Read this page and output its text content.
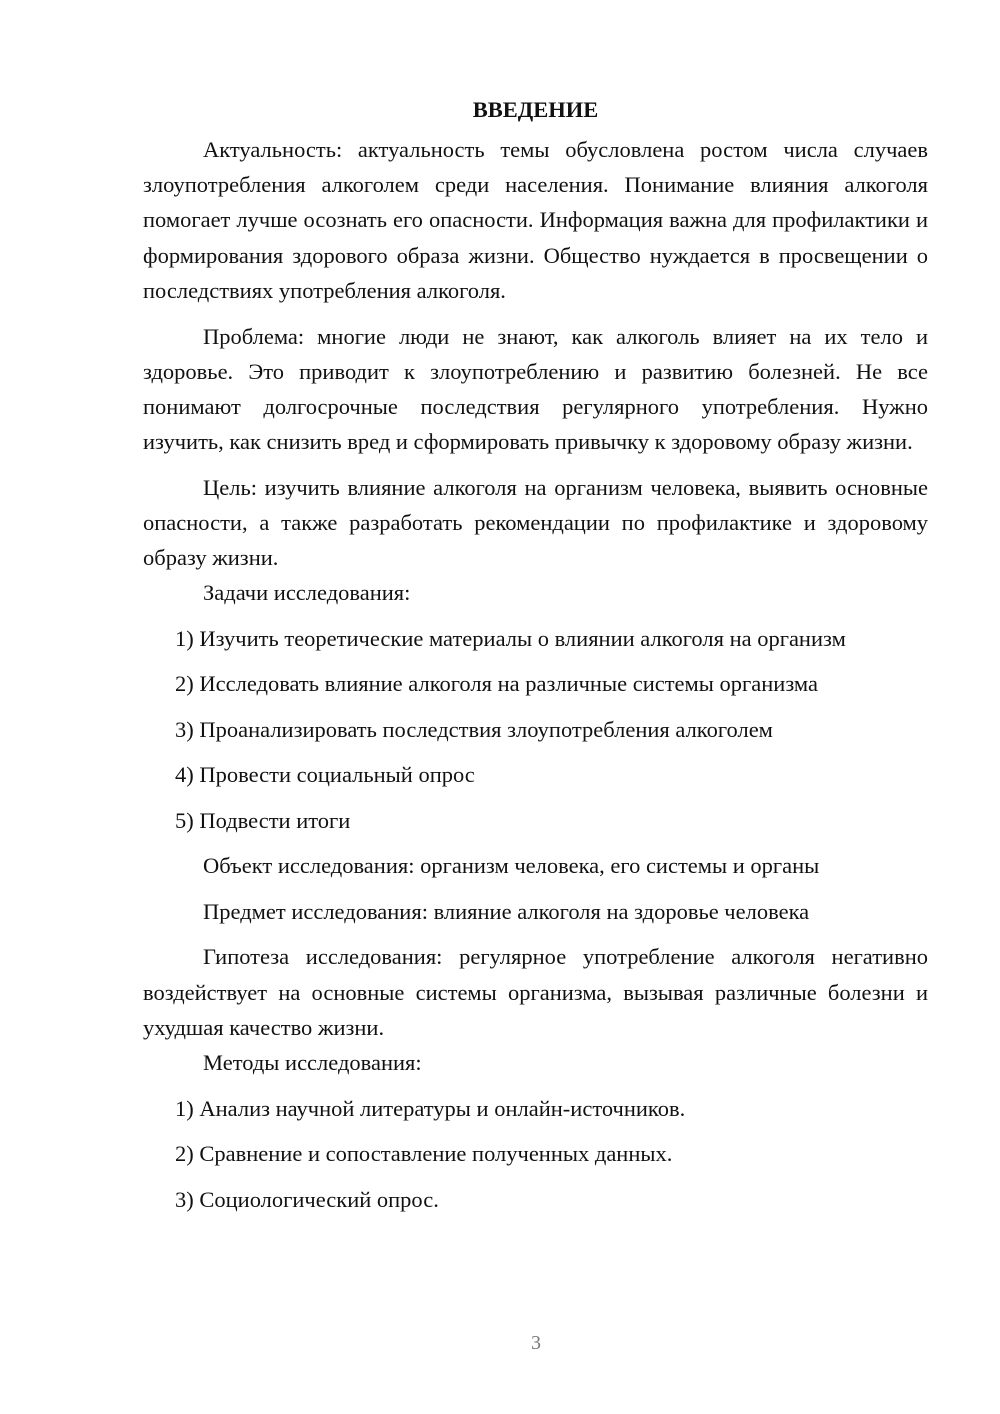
ВВЕДЕНИЕ

Актуальность: актуальность темы обусловлена ростом числа случаев злоупотребления алкоголем среди населения. Понимание влияния алкоголя помогает лучше осознать его опасности. Информация важна для профилактики и формирования здорового образа жизни. Общество нуждается в просвещении о последствиях употребления алкоголя.

Проблема: многие люди не знают, как алкоголь влияет на их тело и здоровье. Это приводит к злоупотреблению и развитию болезней. Не все понимают долгосрочные последствия регулярного употребления. Нужно изучить, как снизить вред и сформировать привычку к здоровому образу жизни.

Цель: изучить влияние алкоголя на организм человека, выявить основные опасности, а также разработать рекомендации по профилактике и здоровому образу жизни.

Задачи исследования:

1) Изучить теоретические материалы о влиянии алкоголя на организм

2) Исследовать влияние алкоголя на различные системы организма

3) Проанализировать последствия злоупотребления алкоголем

4) Провести социальный опрос

5) Подвести итоги

Объект исследования: организм человека, его системы и органы

Предмет исследования: влияние алкоголя на здоровье человека

Гипотеза исследования: регулярное употребление алкоголя негативно воздействует на основные системы организма, вызывая различные болезни и ухудшая качество жизни.

Методы исследования:

1) Анализ научной литературы и онлайн-источников.

2) Сравнение и сопоставление полученных данных.

3) Социологический опрос.

3
